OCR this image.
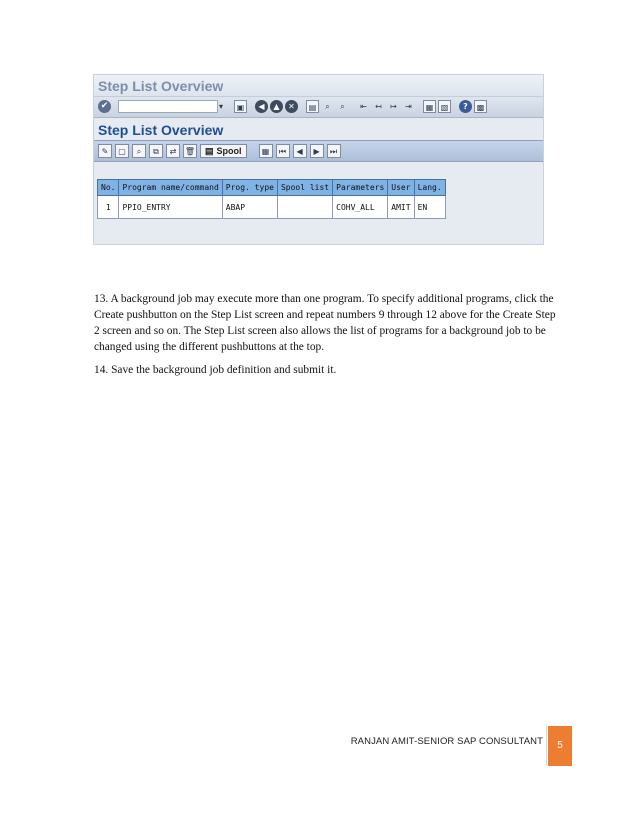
Step List Overview
✔	▾	▣	◀	▲	✕	▤	⌕	⌕	⇤	↤	↦	⇥	▦ ▧	?	▩
Step List Overview
✎	▢	⌕	⧉	⇄	🗑 ▤ Spool	▦	⏮	◀	▶	⏭
No.	Program name/command	Prog. type	Spool list	Parameters	User	Lang.
1	PPIO_ENTRY	ABAP		COHV_ALL	AMIT	EN

13. A background job may execute more than one program. To specify additional programs, click the Create pushbutton on the Step List screen and repeat numbers 9 through 12 above for the Create Step 2 screen and so on. The Step List screen also allows the list of programs for a background job to be changed using the different pushbuttons at the top.

14. Save the background job definition and submit it.

RANJAN AMIT-SENIOR SAP CONSULTANT	5
